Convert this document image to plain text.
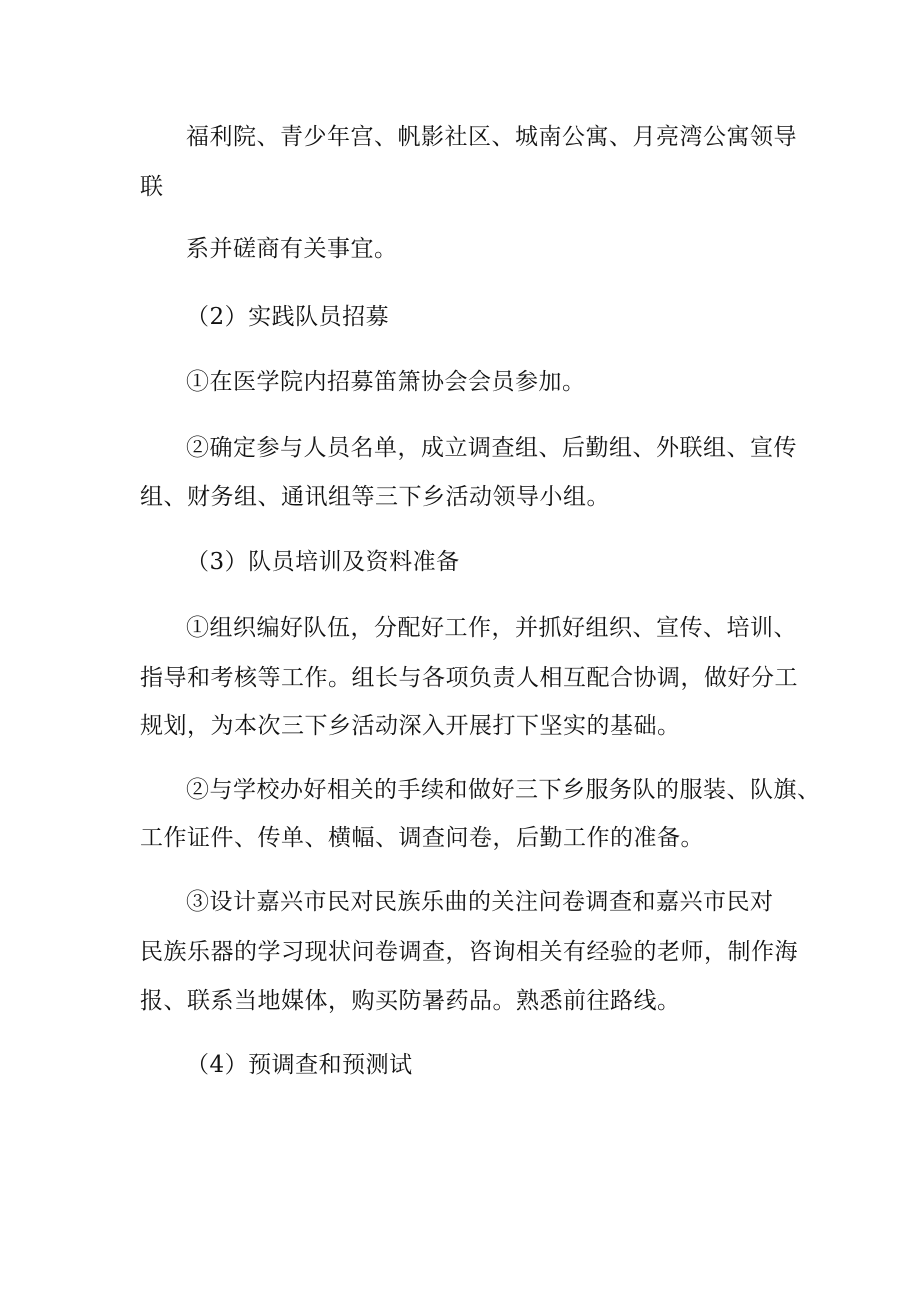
福利院、青少年宫、帆影社区、城南公寓、月亮湾公寓领导
联
系并磋商有关事宜。
（2）实践队员招募
①在医学院内招募笛箫协会会员参加。
②确定参与人员名单，成立调查组、后勤组、外联组、宣传
组、财务组、通讯组等三下乡活动领导小组。
（3）队员培训及资料准备
①组织编好队伍，分配好工作，并抓好组织、宣传、培训、
指导和考核等工作。组长与各项负责人相互配合协调，做好分工
规划，为本次三下乡活动深入开展打下坚实的基础。
②与学校办好相关的手续和做好三下乡服务队的服装、队旗、
工作证件、传单、横幅、调查问卷，后勤工作的准备。
③设计嘉兴市民对民族乐曲的关注问卷调查和嘉兴市民对
民族乐器的学习现状问卷调查，咨询相关有经验的老师，制作海
报、联系当地媒体，购买防暑药品。熟悉前往路线。
（4）预调查和预测试
